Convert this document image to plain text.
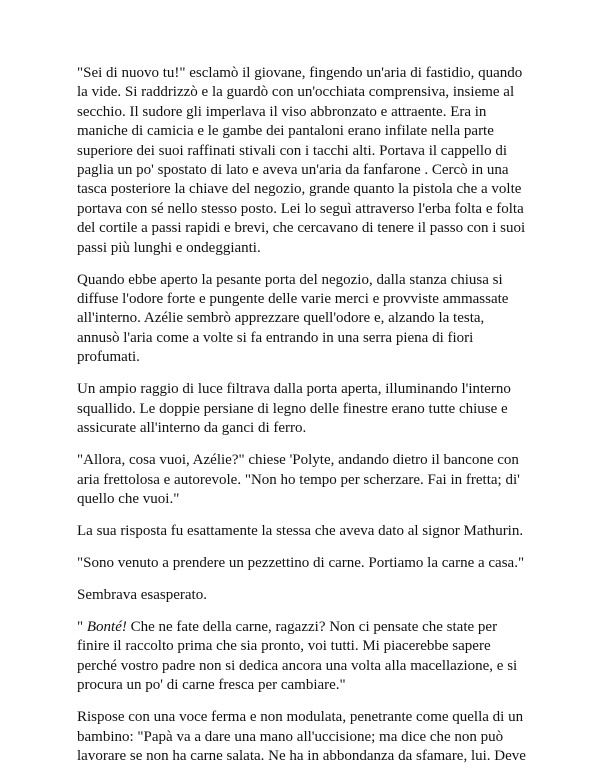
"Sei di nuovo tu!" esclamò il giovane, fingendo un'aria di fastidio, quando la vide. Si raddrizzò e la guardò con un'occhiata comprensiva, insieme al secchio. Il sudore gli imperlava il viso abbronzato e attraente. Era in maniche di camicia e le gambe dei pantaloni erano infilate nella parte superiore dei suoi raffinati stivali con i tacchi alti. Portava il cappello di paglia un po' spostato di lato e aveva un'aria da fanfarone . Cercò in una tasca posteriore la chiave del negozio, grande quanto la pistola che a volte portava con sé nello stesso posto. Lei lo seguì attraverso l'erba folta e folta del cortile a passi rapidi e brevi, che cercavano di tenere il passo con i suoi passi più lunghi e ondeggianti.

Quando ebbe aperto la pesante porta del negozio, dalla stanza chiusa si diffuse l'odore forte e pungente delle varie merci e provviste ammassate all'interno. Azélie sembrò apprezzare quell'odore e, alzando la testa, annusò l'aria come a volte si fa entrando in una serra piena di fiori profumati.

Un ampio raggio di luce filtrava dalla porta aperta, illuminando l'interno squallido. Le doppie persiane di legno delle finestre erano tutte chiuse e assicurate all'interno da ganci di ferro.

"Allora, cosa vuoi, Azélie?" chiese 'Polyte, andando dietro il bancone con aria frettolosa e autorevole. "Non ho tempo per scherzare. Fai in fretta; di' quello che vuoi."

La sua risposta fu esattamente la stessa che aveva dato al signor Mathurin.

"Sono venuto a prendere un pezzettino di carne. Portiamo la carne a casa."

Sembrava esasperato.

" Bonté! Che ne fate della carne, ragazzi? Non ci pensate che state per finire il raccolto prima che sia pronto, voi tutti. Mi piacerebbe sapere perché vostro padre non si dedica ancora una volta alla macellazione, e si procura un po' di carne fresca per cambiare."

Rispose con una voce ferma e non modulata, penetrante come quella di un bambino: "Papà va a dare una mano all'uccisione; ma dice che non può lavorare se non ha carne salata. Ne ha in abbondanza da sfamare, lui. Deve
